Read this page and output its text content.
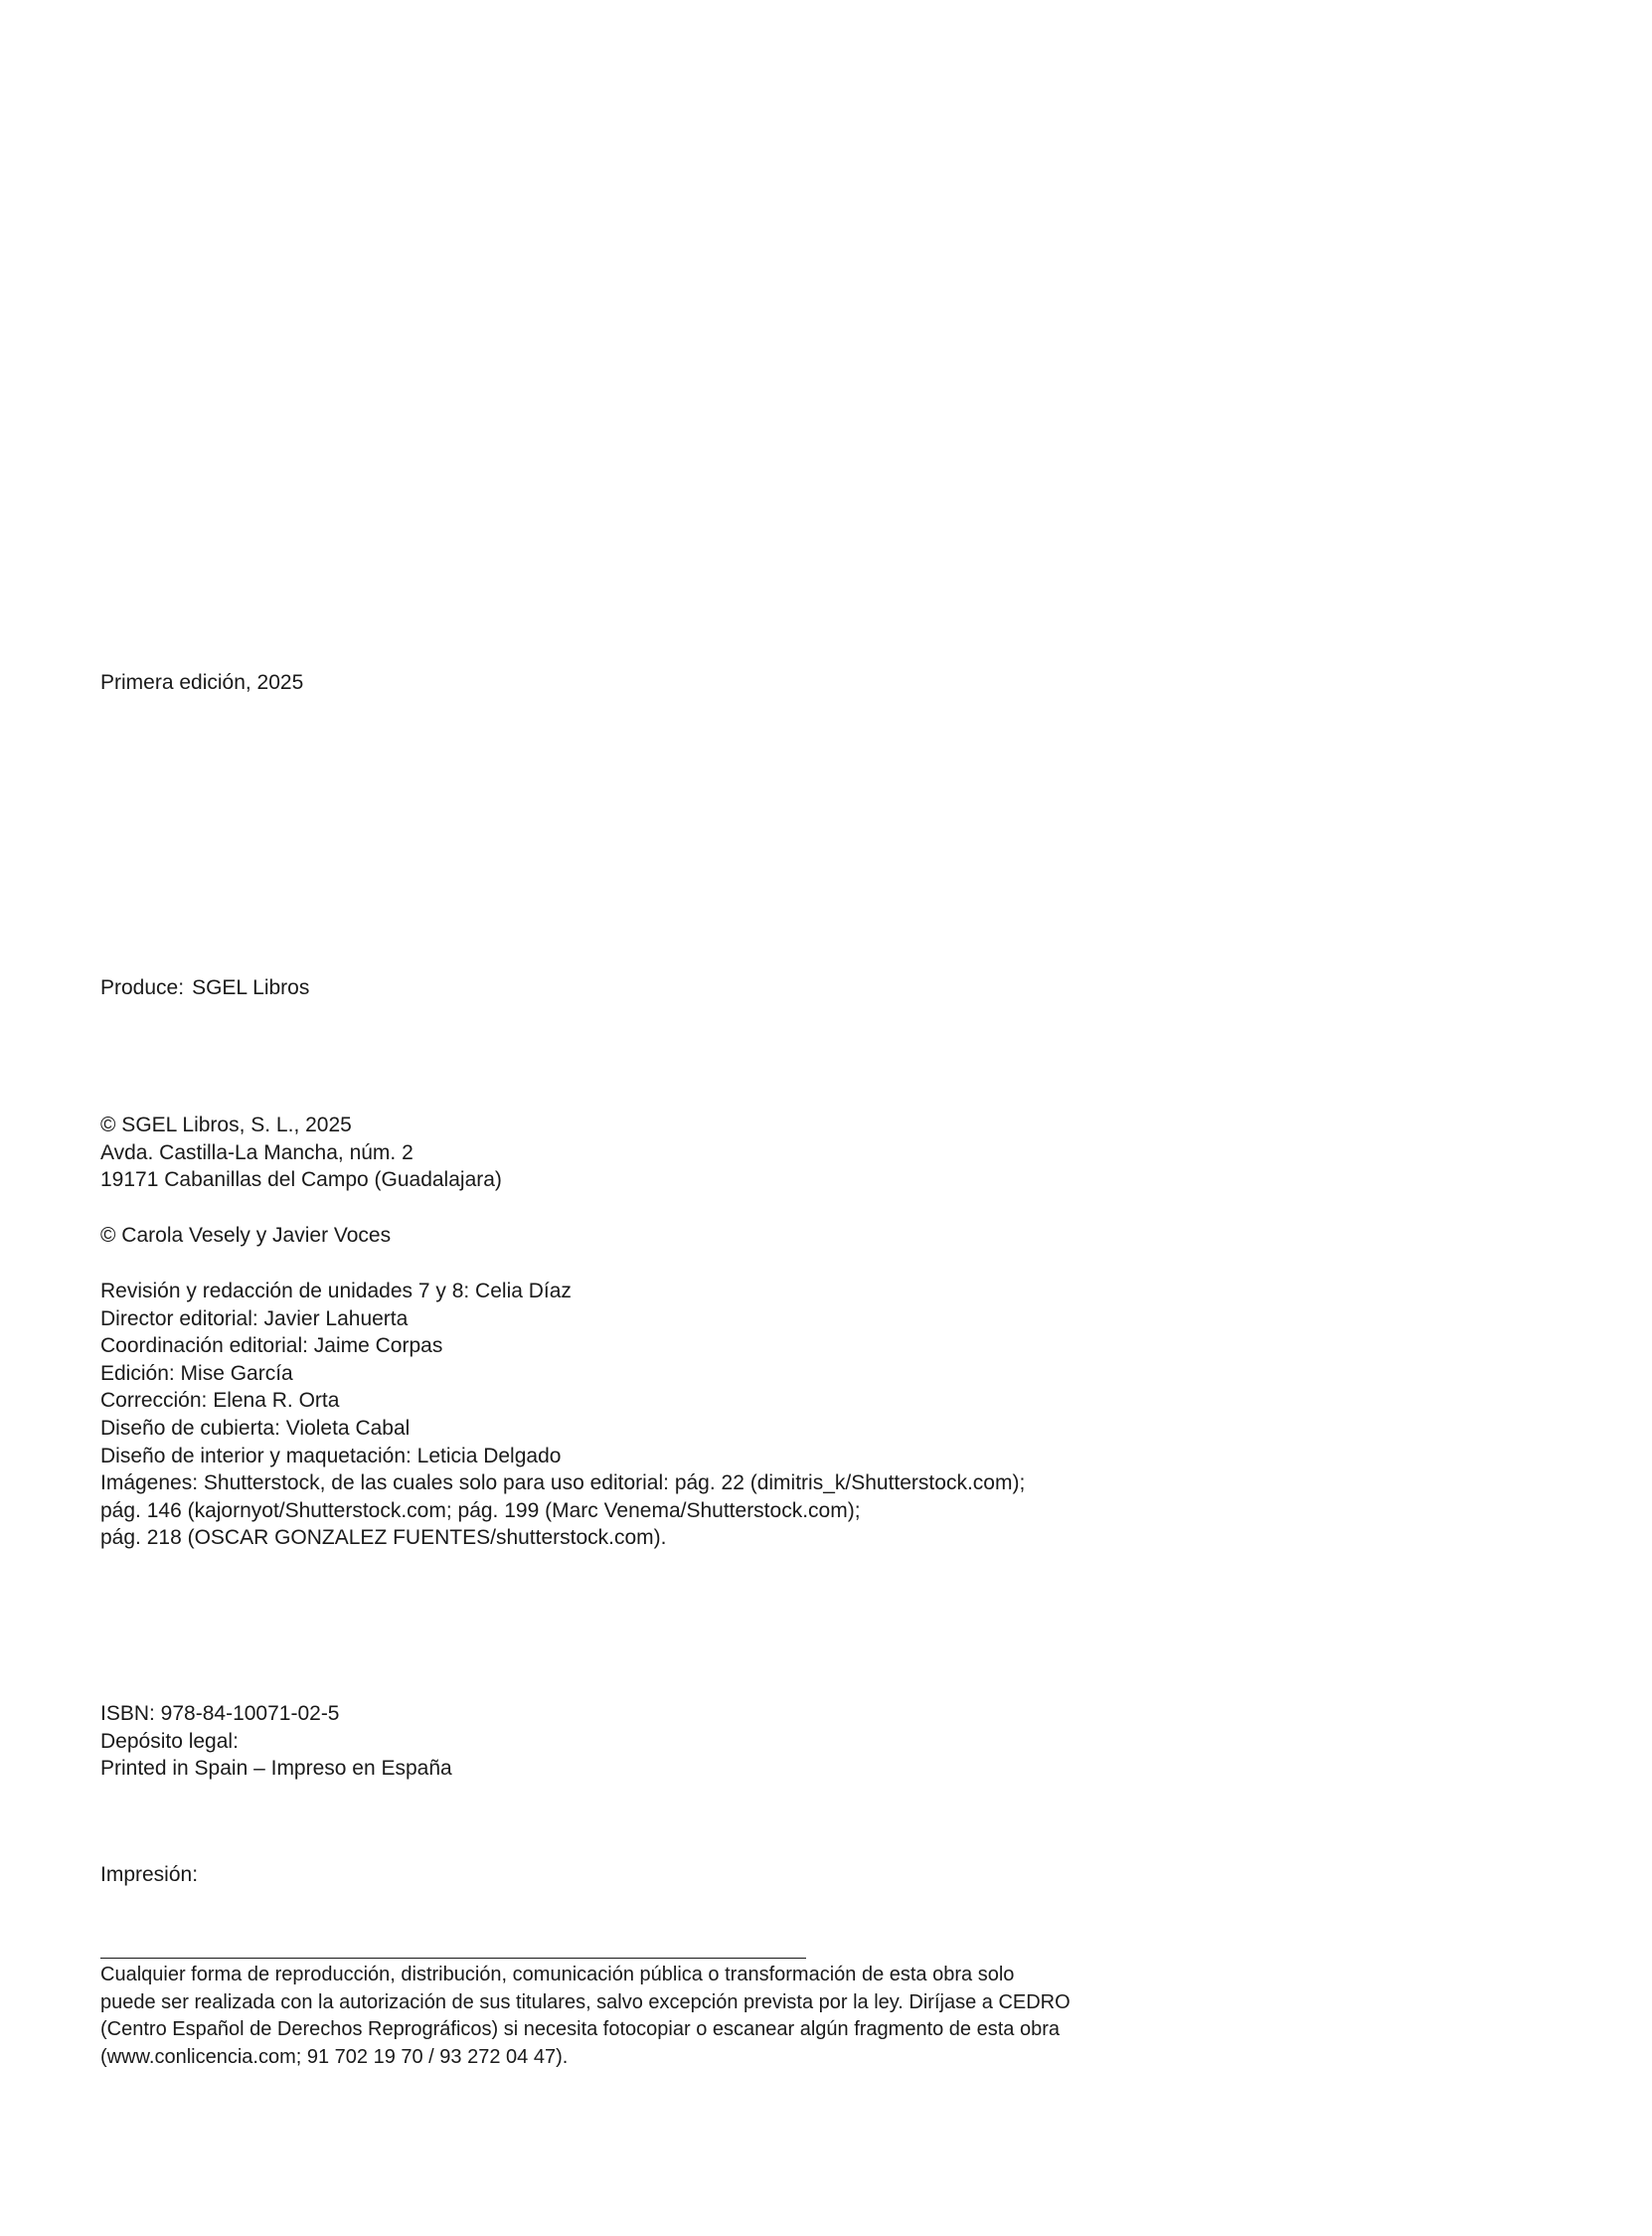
Primera edición, 2025
Produce: SGEL Libros
© SGEL Libros, S. L., 2025
Avda. Castilla-La Mancha, núm. 2
19171 Cabanillas del Campo (Guadalajara)
© Carola Vesely y Javier Voces
Revisión y redacción de unidades 7 y 8: Celia Díaz
Director editorial: Javier Lahuerta
Coordinación editorial: Jaime Corpas
Edición: Mise García
Corrección: Elena R. Orta
Diseño de cubierta: Violeta Cabal
Diseño de interior y maquetación: Leticia Delgado
Imágenes: Shutterstock, de las cuales solo para uso editorial: pág. 22 (dimitris_k/Shutterstock.com);
pág. 146 (kajornyot/Shutterstock.com; pág. 199 (Marc Venema/Shutterstock.com);
pág. 218 (OSCAR GONZALEZ FUENTES/shutterstock.com).
ISBN: 978-84-10071-02-5
Depósito legal:
Printed in Spain – Impreso en España
Impresión:
Cualquier forma de reproducción, distribución, comunicación pública o transformación de esta obra solo
puede ser realizada con la autorización de sus titulares, salvo excepción prevista por la ley. Diríjase a CEDRO
(Centro Español de Derechos Reprográficos) si necesita fotocopiar o escanear algún fragmento de esta obra
(www.conlicencia.com; 91 702 19 70 / 93 272 04 47).
